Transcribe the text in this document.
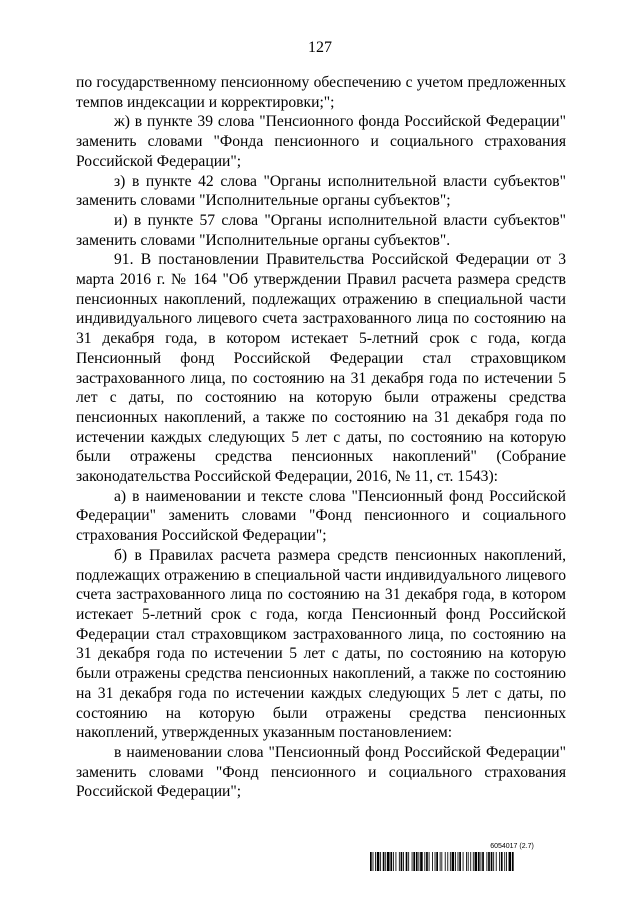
127

по государственному пенсионному обеспечению с учетом предложенных темпов индексации и корректировки;";

ж) в пункте 39 слова "Пенсионного фонда Российской Федерации" заменить словами "Фонда пенсионного и социального страхования Российской Федерации";

з) в пункте 42 слова "Органы исполнительной власти субъектов" заменить словами "Исполнительные органы субъектов";

и) в пункте 57 слова "Органы исполнительной власти субъектов" заменить словами "Исполнительные органы субъектов".

91. В постановлении Правительства Российской Федерации от 3 марта 2016 г. № 164 "Об утверждении Правил расчета размера средств пенсионных накоплений, подлежащих отражению в специальной части индивидуального лицевого счета застрахованного лица по состоянию на 31 декабря года, в котором истекает 5-летний срок с года, когда Пенсионный фонд Российской Федерации стал страховщиком застрахованного лица, по состоянию на 31 декабря года по истечении 5 лет с даты, по состоянию на которую были отражены средства пенсионных накоплений, а также по состоянию на 31 декабря года по истечении каждых следующих 5 лет с даты, по состоянию на которую были отражены средства пенсионных накоплений" (Собрание законодательства Российской Федерации, 2016, № 11, ст. 1543):

а) в наименовании и тексте слова "Пенсионный фонд Российской Федерации" заменить словами "Фонд пенсионного и социального страхования Российской Федерации";

б) в Правилах расчета размера средств пенсионных накоплений, подлежащих отражению в специальной части индивидуального лицевого счета застрахованного лица по состоянию на 31 декабря года, в котором истекает 5-летний срок с года, когда Пенсионный фонд Российской Федерации стал страховщиком застрахованного лица, по состоянию на 31 декабря года по истечении 5 лет с даты, по состоянию на которую были отражены средства пенсионных накоплений, а также по состоянию на 31 декабря года по истечении каждых следующих 5 лет с даты, по состоянию на которую были отражены средства пенсионных накоплений, утвержденных указанным постановлением:

в наименовании слова "Пенсионный фонд Российской Федерации" заменить словами "Фонд пенсионного и социального страхования Российской Федерации";

6054017 (2.7)
